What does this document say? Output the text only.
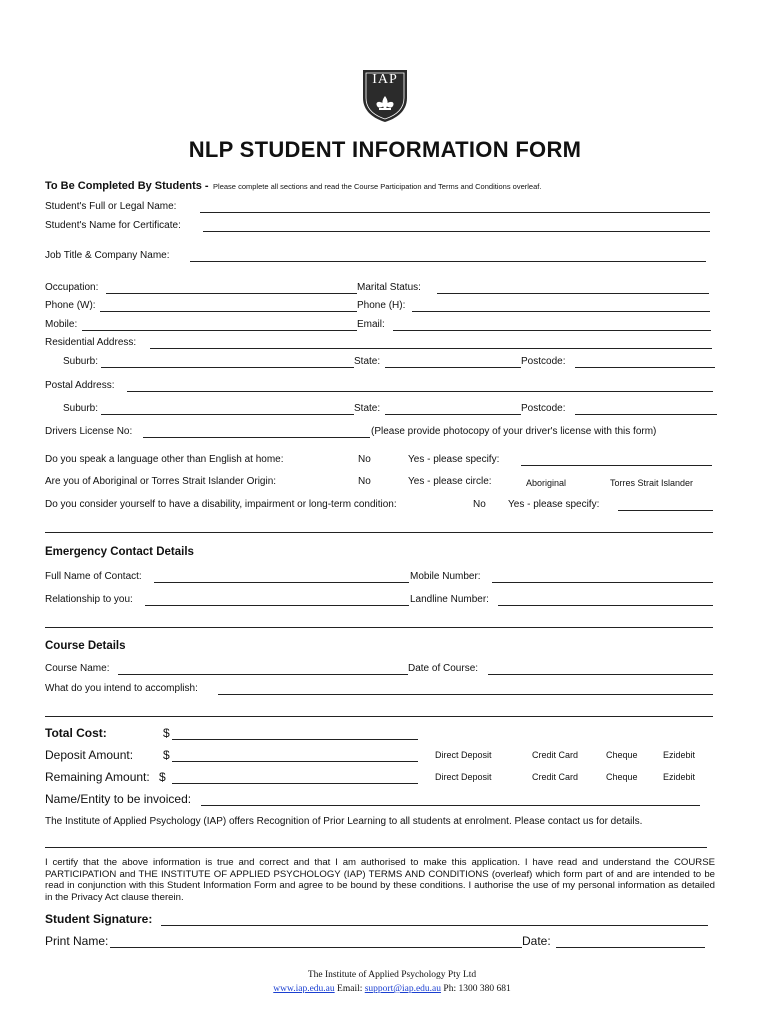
IAP
NLP STUDENT INFORMATION FORM
To Be Completed By Students - Please complete all sections and read the Course Participation and Terms and Conditions overleaf.
Student's Full or Legal Name:
Student's Name for Certificate:
Job Title & Company Name:
Occupation:	Marital Status:
Phone (W):	Phone (H):
Mobile:	Email:
Residential Address:
Suburb:	State:	Postcode:
Postal Address:
Suburb:	State:	Postcode:
Drivers License No:	(Please provide photocopy of your driver's license with this form)
Do you speak a language other than English at home:	No	Yes - please specify:
Are you of Aboriginal or Torres Strait Islander Origin:	No	Yes - please circle:	Aboriginal	Torres Strait Islander
Do you consider yourself to have a disability, impairment or long-term condition:	No Yes - please specify:
Emergency Contact Details
Full Name of Contact:	Mobile Number:
Relationship to you:	Landline Number:
Course Details
Course Name:	Date of Course:
What do you intend to accomplish:
Total Cost:	$
Deposit Amount: $	Direct Deposit	Credit Card	Cheque	Ezidebit
Remaining Amount: $	Direct Deposit	Credit Card	Cheque	Ezidebit
Name/Entity to be invoiced:
The Institute of Applied Psychology (IAP) offers Recognition of Prior Learning to all students at enrolment. Please contact us for details.
I certify that the above information is true and correct and that I am authorised to make this application. I have read and understand the COURSE PARTICIPATION and THE INSTITUTE OF APPLIED PSYCHOLOGY (IAP) TERMS AND CONDITIONS (overleaf) which form part of and are intended to be read in conjunction with this Student Information Form and agree to be bound by these conditions. I authorise the use of my personal information as detailed in the Privacy Act clause therein.
Student Signature:
Print Name:	Date:
The Institute of Applied Psychology Pty Ltd
www.iap.edu.au Email: support@iap.edu.au Ph: 1300 380 681
